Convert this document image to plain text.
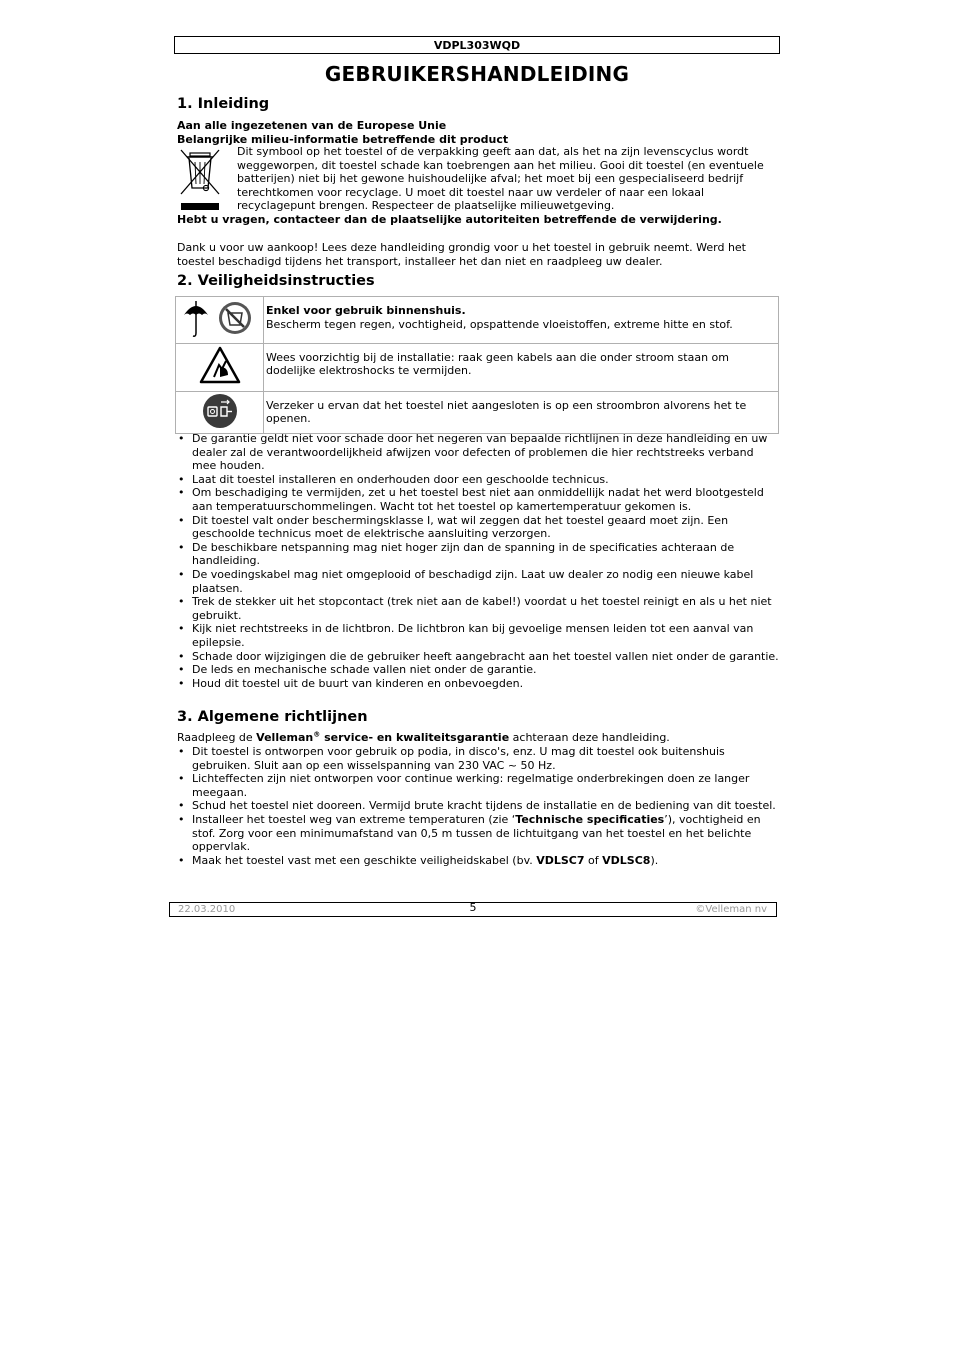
VDPL303WQD
GEBRUIKERSHANDLEIDING
1. Inleiding
Aan alle ingezetenen van de Europese Unie
Belangrijke milieu-informatie betreffende dit product
Dit symbool op het toestel of de verpakking geeft aan dat, als het na zijn levenscyclus wordt weggeworpen, dit toestel schade kan toebrengen aan het milieu. Gooi dit toestel (en eventuele batterijen) niet bij het gewone huishoudelijke afval; het moet bij een gespecialiseerd bedrijf terechtkomen voor recyclage. U moet dit toestel naar uw verdeler of naar een lokaal recyclagepunt brengen. Respecteer de plaatselijke milieuwetgeving.
Hebt u vragen, contacteer dan de plaatselijke autoriteiten betreffende de verwijdering.
Dank u voor uw aankoop! Lees deze handleiding grondig voor u het toestel in gebruik neemt. Werd het toestel beschadigd tijdens het transport, installeer het dan niet en raadpleeg uw dealer.
2. Veiligheidsinstructies

Enkel voor gebruik binnenshuis.
Bescherm tegen regen, vochtigheid, opspattende vloeistoffen, extreme hitte en stof.

Wees voorzichtig bij de installatie: raak geen kabels aan die onder stroom staan om dodelijke elektroshocks te vermijden.

Verzeker u ervan dat het toestel niet aangesloten is op een stroombron alvorens het te openen.
• De garantie geldt niet voor schade door het negeren van bepaalde richtlijnen in deze handleiding en uw dealer zal de verantwoordelijkheid afwijzen voor defecten of problemen die hier rechtstreeks verband mee houden.
• Laat dit toestel installeren en onderhouden door een geschoolde technicus.
• Om beschadiging te vermijden, zet u het toestel best niet aan onmiddellijk nadat het werd blootgesteld aan temperatuurschommelingen. Wacht tot het toestel op kamertemperatuur gekomen is.
• Dit toestel valt onder beschermingsklasse I, wat wil zeggen dat het toestel geaard moet zijn. Een geschoolde technicus moet de elektrische aansluiting verzorgen.
• De beschikbare netspanning mag niet hoger zijn dan de spanning in de specificaties achteraan de handleiding.
• De voedingskabel mag niet omgeplooid of beschadigd zijn. Laat uw dealer zo nodig een nieuwe kabel plaatsen.
• Trek de stekker uit het stopcontact (trek niet aan de kabel!) voordat u het toestel reinigt en als u het niet gebruikt.
• Kijk niet rechtstreeks in de lichtbron. De lichtbron kan bij gevoelige mensen leiden tot een aanval van epilepsie.
• Schade door wijzigingen die de gebruiker heeft aangebracht aan het toestel vallen niet onder de garantie.
• De leds en mechanische schade vallen niet onder de garantie.
• Houd dit toestel uit de buurt van kinderen en onbevoegden.
3. Algemene richtlijnen
Raadpleeg de Velleman® service- en kwaliteitsgarantie achteraan deze handleiding.
• Dit toestel is ontworpen voor gebruik op podia, in disco's, enz. U mag dit toestel ook buitenshuis gebruiken. Sluit aan op een wisselspanning van 230 VAC ~ 50 Hz.
• Lichteffecten zijn niet ontworpen voor continue werking: regelmatige onderbrekingen doen ze langer meegaan.
• Schud het toestel niet dooreen. Vermijd brute kracht tijdens de installatie en de bediening van dit toestel.
• Installeer het toestel weg van extreme temperaturen (zie ‘Technische specificaties’), vochtigheid en stof. Zorg voor een minimumafstand van 0,5 m tussen de lichtuitgang van het toestel en het belichte oppervlak.
• Maak het toestel vast met een geschikte veiligheidskabel (bv. VDLSC7 of VDLSC8).
22.03.2010	5	©Velleman nv
